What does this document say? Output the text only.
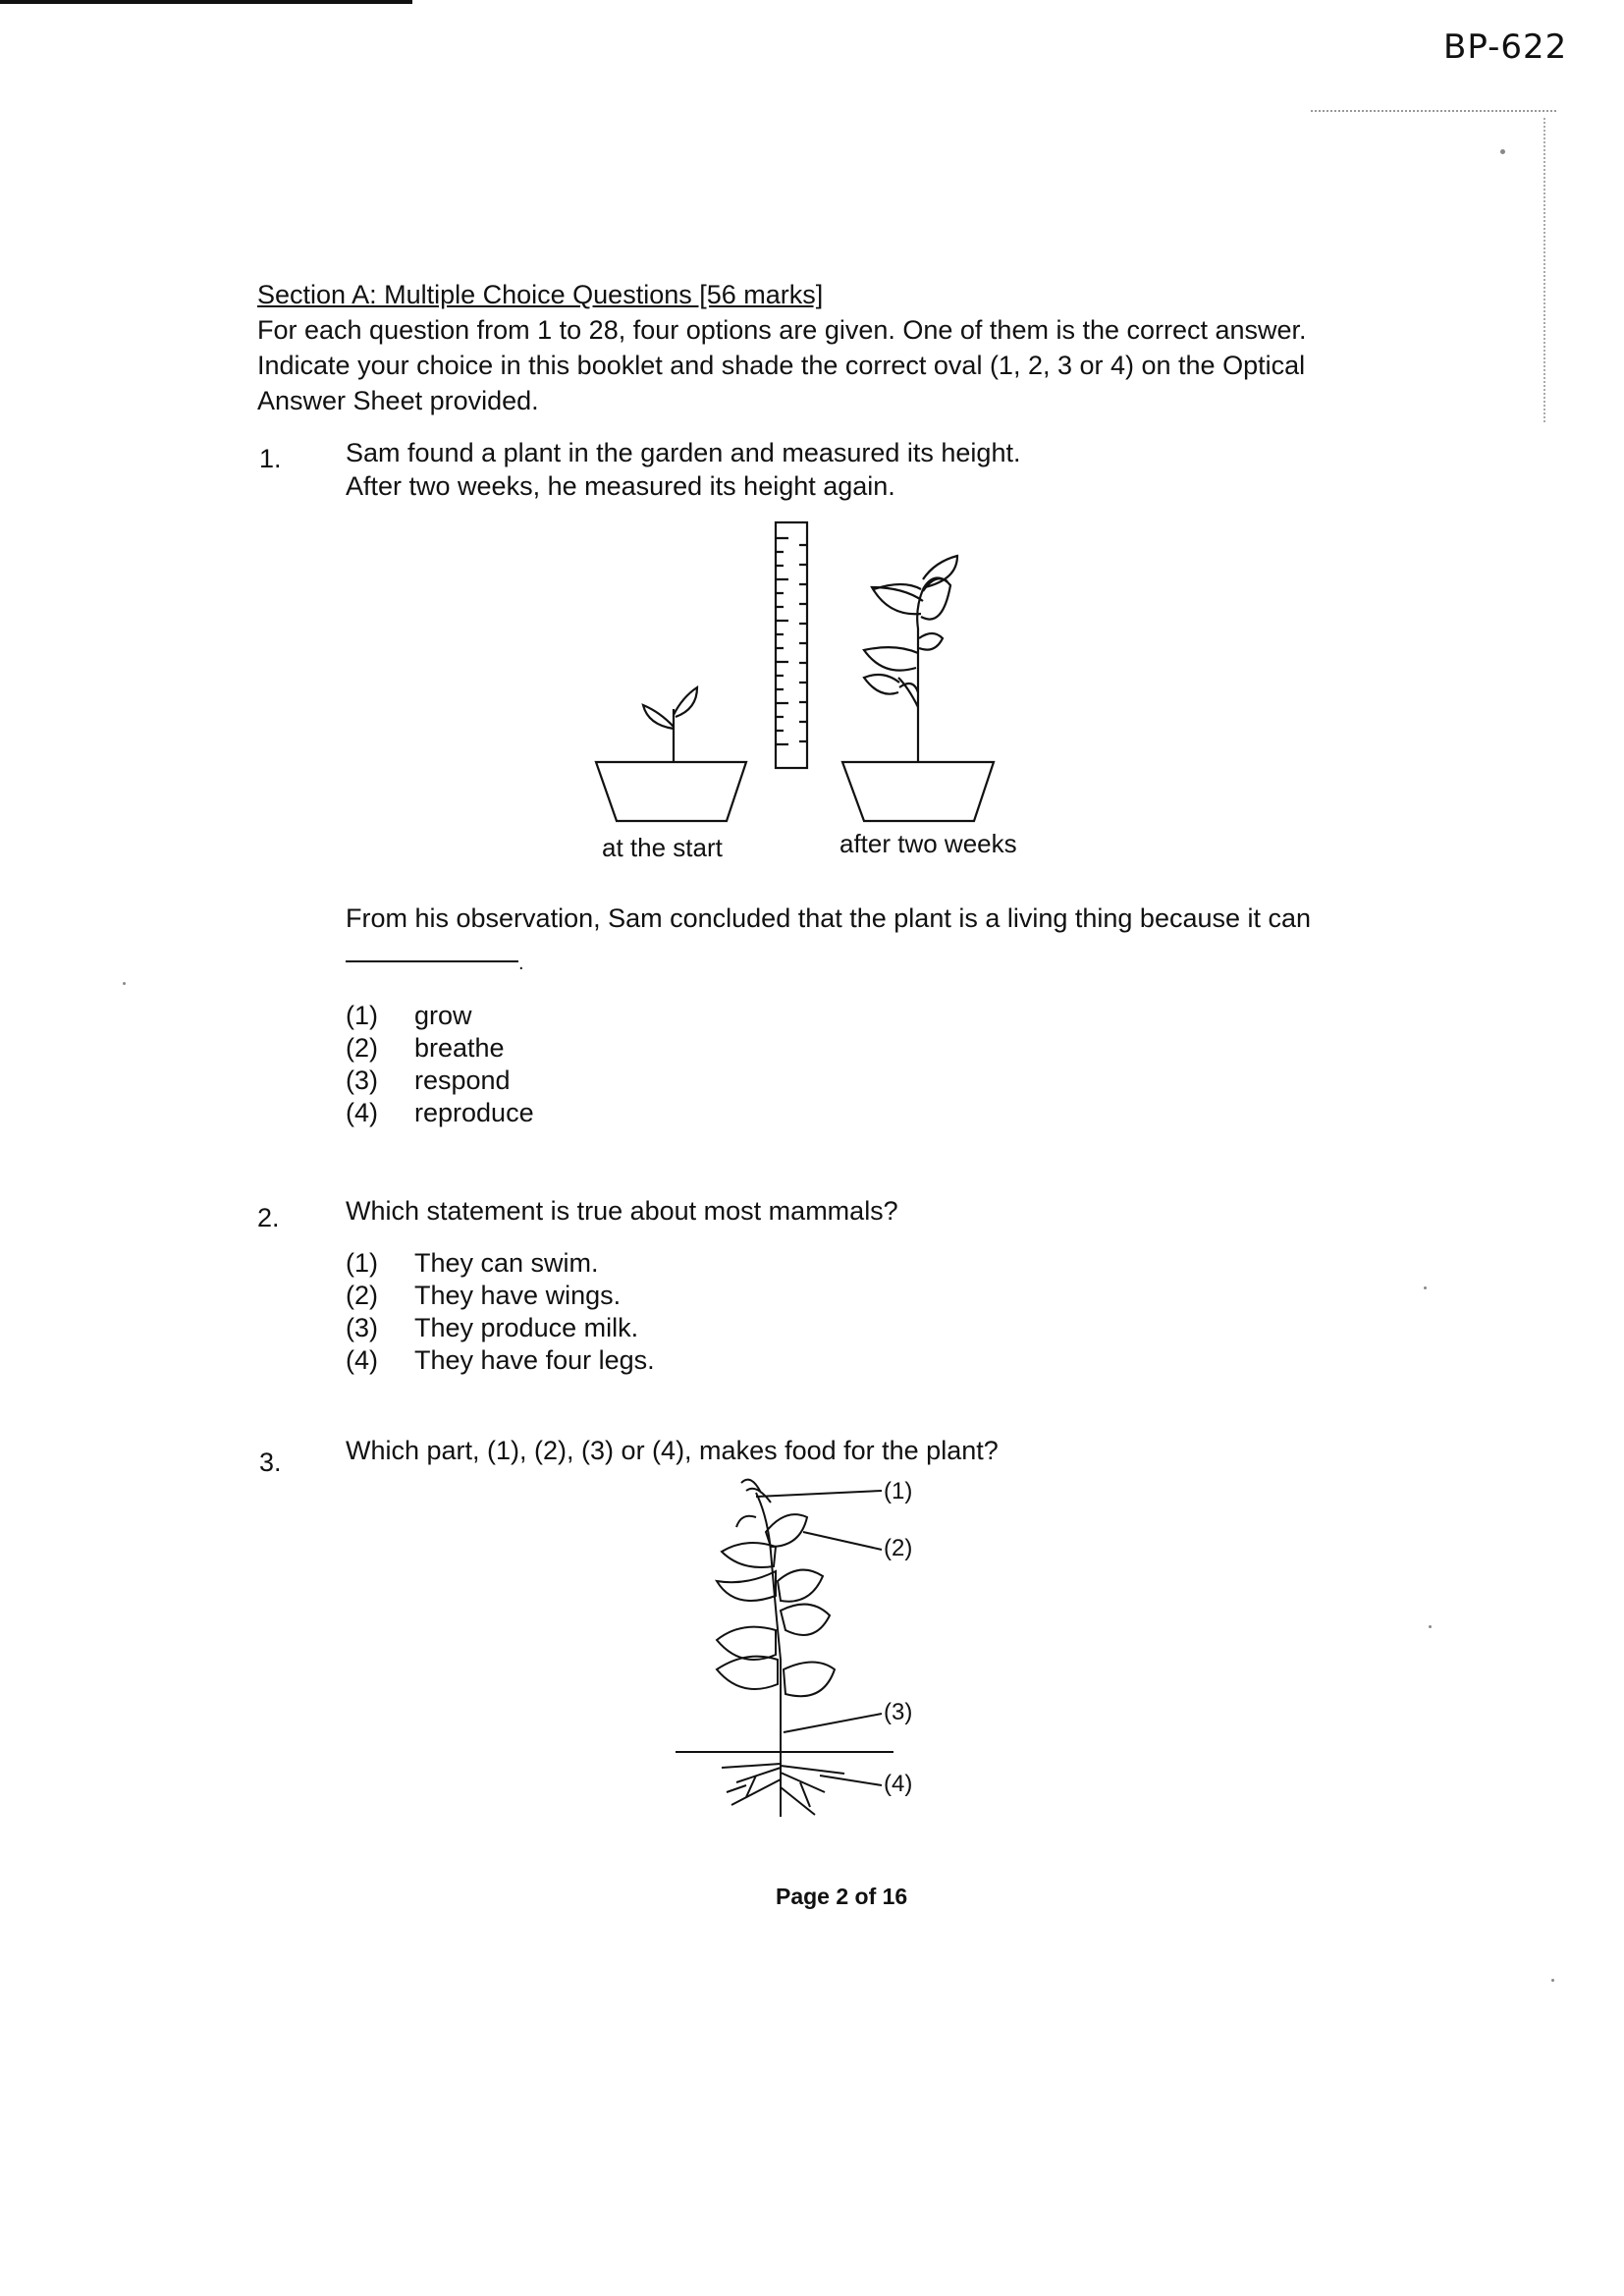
BP-622
Section A: Multiple Choice Questions [56 marks]
For each question from 1 to 28, four options are given. One of them is the correct answer.
Indicate your choice in this booklet and shade the correct oval (1, 2, 3 or 4) on the Optical
Answer Sheet provided.
1. Sam found a plant in the garden and measured its height.
After two weeks, he measured its height again.
at the start	after two weeks
From his observation, Sam concluded that the plant is a living thing because it can
.
(1)	grow
(2)	breathe
(3)	respond
(4)	reproduce
2. Which statement is true about most mammals?
(1)	They can swim.
(2)	They have wings.
(3)	They produce milk.
(4)	They have four legs.
3. Which part, (1), (2), (3) or (4), makes food for the plant?
(1)
(2)
(3)
(4)
Page 2 of 16
